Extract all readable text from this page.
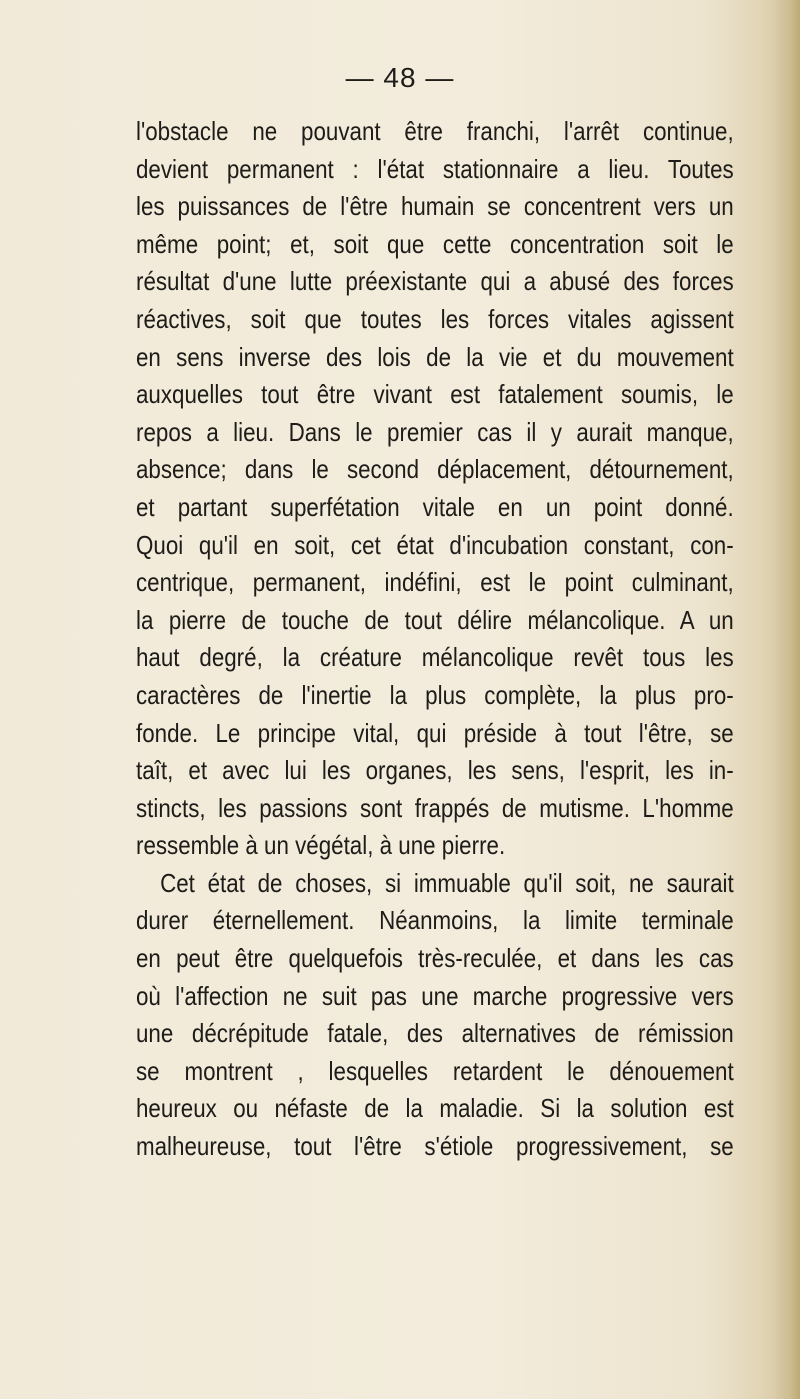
— 48 —
l'obstacle ne pouvant être franchi, l'arrêt continue,
devient permanent : l'état stationnaire a lieu. Toutes
les puissances de l'être humain se concentrent vers un
même point; et, soit que cette concentration soit le
résultat d'une lutte préexistante qui a abusé des forces
réactives, soit que toutes les forces vitales agissent
en sens inverse des lois de la vie et du mouvement
auxquelles tout être vivant est fatalement soumis, le
repos a lieu. Dans le premier cas il y aurait manque,
absence; dans le second déplacement, détournement,
et partant superfétation vitale en un point donné.
Quoi qu'il en soit, cet état d'incubation constant, con-
centrique, permanent, indéfini, est le point culminant,
la pierre de touche de tout délire mélancolique. A un
haut degré, la créature mélancolique revêt tous les
caractères de l'inertie la plus complète, la plus pro-
fonde. Le principe vital, qui préside à tout l'être, se
taît, et avec lui les organes, les sens, l'esprit, les in-
stincts, les passions sont frappés de mutisme. L'homme
ressemble à un végétal, à une pierre.
Cet état de choses, si immuable qu'il soit, ne saurait
durer éternellement. Néanmoins, la limite terminale
en peut être quelquefois très-reculée, et dans les cas
où l'affection ne suit pas une marche progressive vers
une décrépitude fatale, des alternatives de rémission
se montrent , lesquelles retardent le dénouement
heureux ou néfaste de la maladie. Si la solution est
malheureuse, tout l'être s'étiole progressivement, se
